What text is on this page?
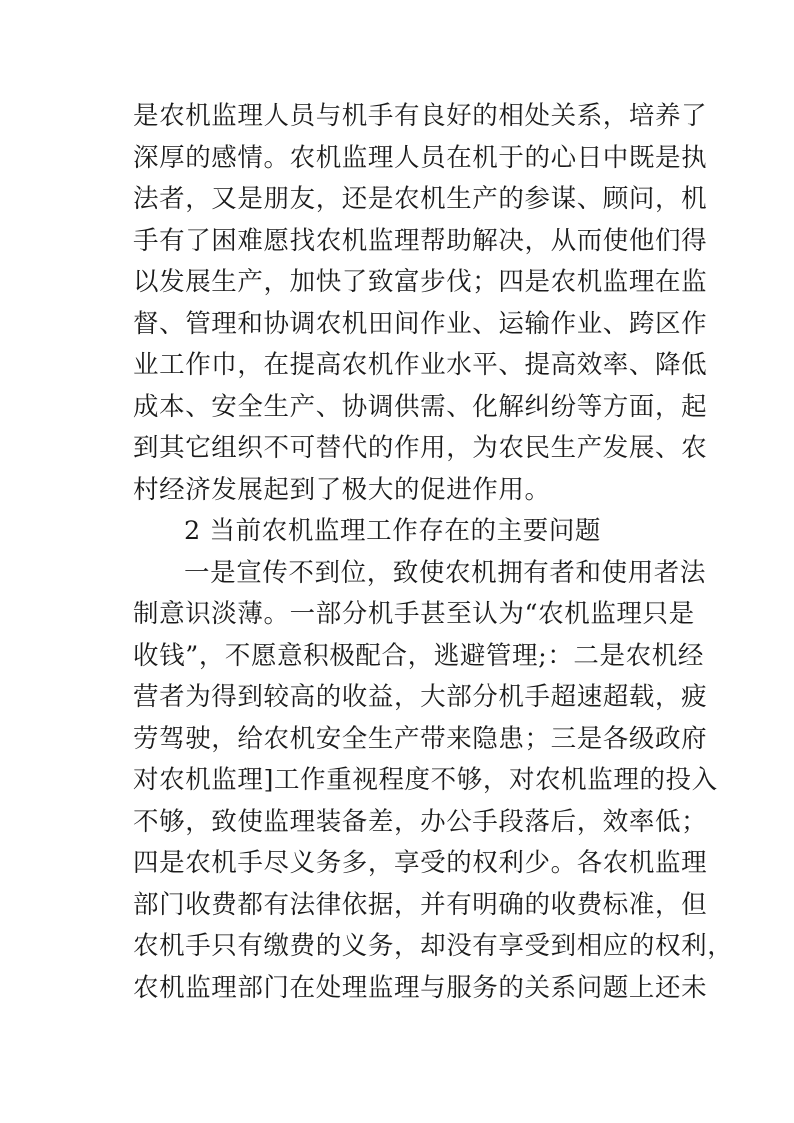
是农机监理人员与机手有良好的相处关系，培养了
深厚的感情。农机监理人员在机于的心日中既是执
法者，又是朋友，还是农机生产的参谋、顾问，机
手有了困难愿找农机监理帮助解决，从而使他们得
以发展生产，加快了致富步伐；四是农机监理在监
督、管理和协调农机田间作业、运输作业、跨区作
业工作巾，在提高农机作业水平、提高效率、降低
成本、安全生产、协调供需、化解纠纷等方面，起
到其它组织不可替代的作用，为农民生产发展、农
村经济发展起到了极大的促进作用。
2 当前农机监理工作存在的主要问题
一是宣传不到位，致使农机拥有者和使用者法
制意识淡薄。一部分机手甚至认为“农机监理只是
收钱”，不愿意积极配合，逃避管理;：二是农机经
营者为得到较高的收益，大部分机手超速超载，疲
劳驾驶，给农机安全生产带来隐患；三是各级政府
对农机监理]工作重视程度不够，对农机监理的投入
不够，致使监理装备差，办公手段落后，效率低；
四是农机手尽义务多，享受的权利少。各农机监理
部门收费都有法律依据，并有明确的收费标准，但
农机手只有缴费的义务，却没有享受到相应的权利，
农机监理部门在处理监理与服务的关系问题上还未
